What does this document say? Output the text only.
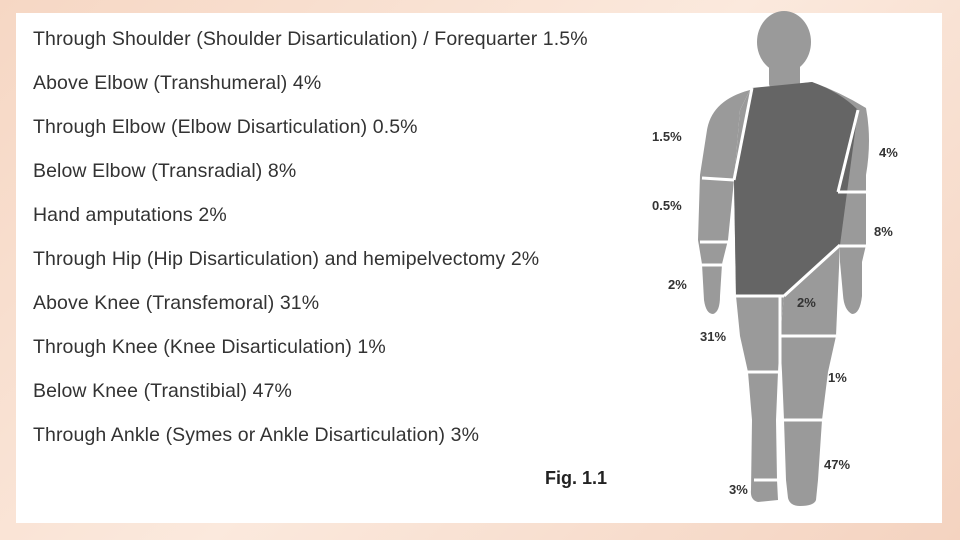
Through Shoulder (Shoulder Disarticulation) / Forequarter 1.5%
Above Elbow (Transhumeral) 4%
Through Elbow (Elbow Disarticulation) 0.5%
Below Elbow (Transradial) 8%
Hand amputations 2%
Through Hip (Hip Disarticulation) and hemipelvectomy 2%
Above Knee (Transfemoral) 31%
Through Knee (Knee Disarticulation) 1%
Below Knee (Transtibial) 47%
Through Ankle (Symes or Ankle Disarticulation) 3%
Fig. 1.1
1.5%
4%
0.5%
8%
2%
2%
31%
1%
47%
3%
